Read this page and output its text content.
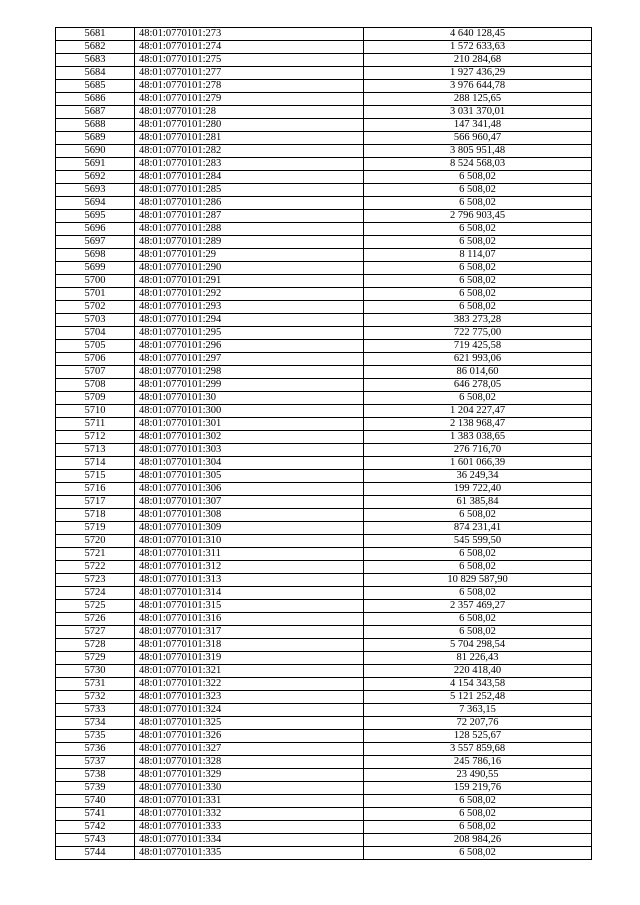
5681	48:01:0770101:273	4 640 128,45
5682	48:01:0770101:274	1 572 633,63
5683	48:01:0770101:275	210 284,68
5684	48:01:0770101:277	1 927 436,29
5685	48:01:0770101:278	3 976 644,78
5686	48:01:0770101:279	288 125,65
5687	48:01:0770101:28	3 031 370,01
5688	48:01:0770101:280	147 341,48
5689	48:01:0770101:281	566 960,47
5690	48:01:0770101:282	3 805 951,48
5691	48:01:0770101:283	8 524 568,03
5692	48:01:0770101:284	6 508,02
5693	48:01:0770101:285	6 508,02
5694	48:01:0770101:286	6 508,02
5695	48:01:0770101:287	2 796 903,45
5696	48:01:0770101:288	6 508,02
5697	48:01:0770101:289	6 508,02
5698	48:01:0770101:29	8 114,07
5699	48:01:0770101:290	6 508,02
5700	48:01:0770101:291	6 508,02
5701	48:01:0770101:292	6 508,02
5702	48:01:0770101:293	6 508,02
5703	48:01:0770101:294	383 273,28
5704	48:01:0770101:295	722 775,00
5705	48:01:0770101:296	719 425,58
5706	48:01:0770101:297	621 993,06
5707	48:01:0770101:298	86 014,60
5708	48:01:0770101:299	646 278,05
5709	48:01:0770101:30	6 508,02
5710	48:01:0770101:300	1 204 227,47
5711	48:01:0770101:301	2 138 968,47
5712	48:01:0770101:302	1 383 038,65
5713	48:01:0770101:303	276 716,70
5714	48:01:0770101:304	1 601 066,39
5715	48:01:0770101:305	36 249,34
5716	48:01:0770101:306	199 722,40
5717	48:01:0770101:307	61 385,84
5718	48:01:0770101:308	6 508,02
5719	48:01:0770101:309	874 231,41
5720	48:01:0770101:310	545 599,50
5721	48:01:0770101:311	6 508,02
5722	48:01:0770101:312	6 508,02
5723	48:01:0770101:313	10 829 587,90
5724	48:01:0770101:314	6 508,02
5725	48:01:0770101:315	2 357 469,27
5726	48:01:0770101:316	6 508,02
5727	48:01:0770101:317	6 508,02
5728	48:01:0770101:318	5 704 298,54
5729	48:01:0770101:319	81 226,43
5730	48:01:0770101:321	220 418,40
5731	48:01:0770101:322	4 154 343,58
5732	48:01:0770101:323	5 121 252,48
5733	48:01:0770101:324	7 363,15
5734	48:01:0770101:325	72 207,76
5735	48:01:0770101:326	128 525,67
5736	48:01:0770101:327	3 557 859,68
5737	48:01:0770101:328	245 786,16
5738	48:01:0770101:329	23 490,55
5739	48:01:0770101:330	159 219,76
5740	48:01:0770101:331	6 508,02
5741	48:01:0770101:332	6 508,02
5742	48:01:0770101:333	6 508,02
5743	48:01:0770101:334	208 984,26
5744	48:01:0770101:335	6 508,02
